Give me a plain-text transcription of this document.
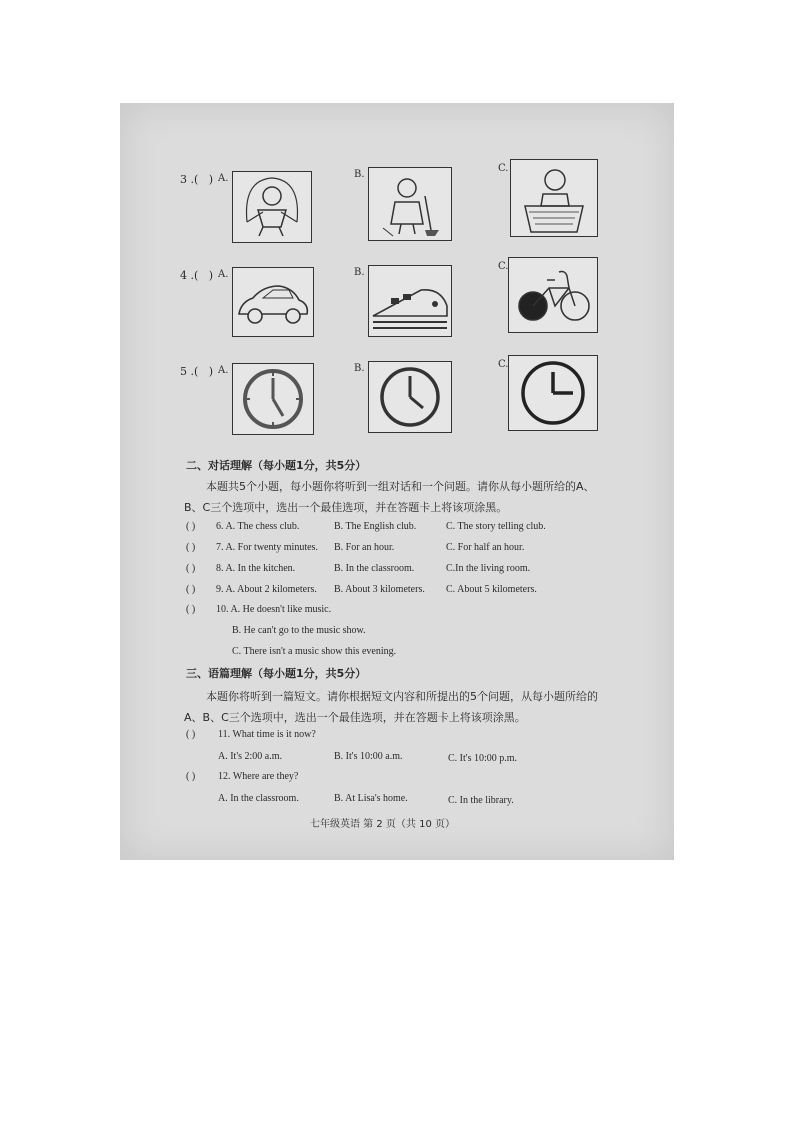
3 .(   ) A.	B.
C.
4 .(   ) A.	B.
C.
5 .(   ) A.	B.	C.
二、对话理解（每小题1分，共5分）
本题共5个小题，每小题你将听到一组对话和一个问题。请你从每小题所给的A、
B、C三个选项中，选出一个最佳选项，并在答题卡上将该项涂黑。
( ) 6. A. The chess club.	B. The English club.	C. The story telling club.
( ) 7. A. For twenty minutes. B. For an hour.	C. For half an hour.
( ) 8. A. In the kitchen.	B. In the classroom.	C.In the living room.
( ) 9. A. About 2 kilometers. B. About 3 kilometers. C. About 5 kilometers.
( ) 10. A. He doesn't like music.
B. He can't go to the music show.
C. There isn't a music show this evening.
三、语篇理解（每小题1分，共5分）
本题你将听到一篇短文。请你根据短文内容和所提出的5个问题，从每小题所给的
A、B、C三个选项中，选出一个最佳选项，并在答题卡上将该项涂黑。
( ) 11. What time is it now?
A. It's 2:00 a.m.	B. It's 10:00 a.m.	C. It's 10:00 p.m.
( ) 12. Where are they?
A. In the classroom.	B. At Lisa's home.	C. In the library.
七年级英语 第 2 页（共 10 页）
